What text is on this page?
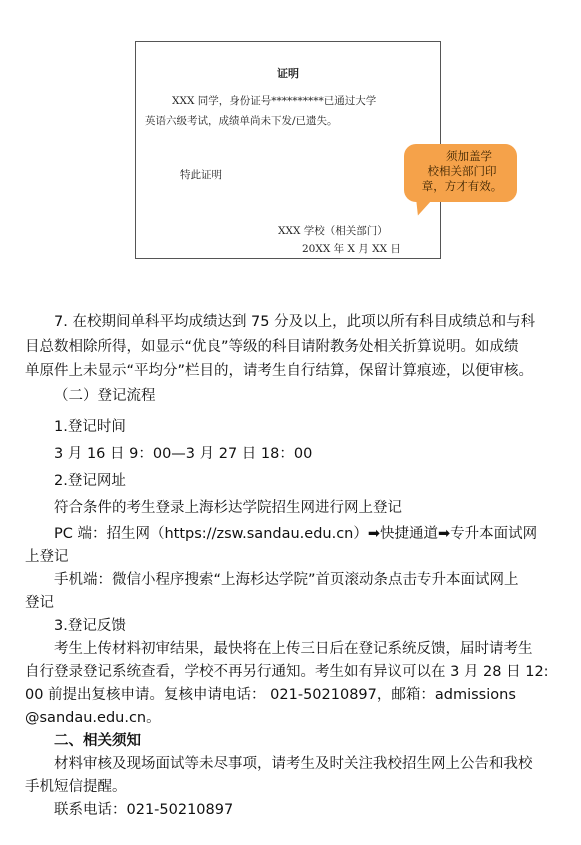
证明
XXX 同学，身份证号**********已通过大学
英语六级考试，成绩单尚未下发/已遗失。
特此证明
XXX 学校（相关部门）
20XX 年 X 月 XX 日
须加盖学
校相关部门印
章，方才有效。
7. 在校期间单科平均成绩达到 75 分及以上，此项以所有科目成绩总和与科
目总数相除所得，如显示“优良”等级的科目请附教务处相关折算说明。如成绩
单原件上未显示“平均分”栏目的，请考生自行结算，保留计算痕迹，以便审核。
（二）登记流程
1.登记时间
3 月 16 日 9：00—3 月 27 日 18：00
2.登记网址
符合条件的考生登录上海杉达学院招生网进行网上登记
PC 端：招生网（https://zsw.sandau.edu.cn）➡快捷通道➡专升本面试网
上登记
手机端：微信小程序搜索“上海杉达学院”首页滚动条点击专升本面试网上
登记
3.登记反馈
考生上传材料初审结果，最快将在上传三日后在登记系统反馈，届时请考生
自行登录登记系统查看，学校不再另行通知。考生如有异议可以在 3 月 28 日 12:
00 前提出复核申请。复核申请电话： 021-50210897，邮箱：admissions
@sandau.edu.cn。
二、相关须知
材料审核及现场面试等未尽事项，请考生及时关注我校招生网上公告和我校
手机短信提醒。
联系电话：021-50210897
